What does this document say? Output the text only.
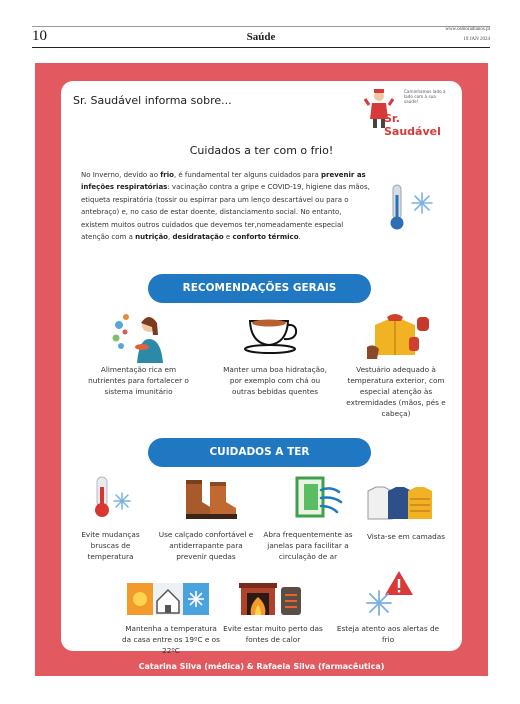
10	Saúde
www.osmoradianos.pt
19 JAN 2024
Sr. Saudável informa sobre...
Caminhamos lado a lado com a sua saúde!
Sr. Saudável
Cuidados a ter com o frio!
No Inverno, devido ao frio, é fundamental ter alguns cuidados para prevenir as infeções respiratórias: vacinação contra a gripe e COVID-19, higiene das mãos, etiqueta respiratória (tossir ou espirrar para um lenço descartável ou para o antebraço) e, no caso de estar doente, distanciamento social. No entanto, existem muitos outros cuidados que devemos ter,nomeadamente especial atenção com a nutrição, desidratação e conforto térmico.
RECOMENDAÇÕES GERAIS
Alimentação rica em nutrientes para fortalecer o sistema imunitário
Manter uma boa hidratação, por exemplo com chá ou outras bebidas quentes
Vestuário adequado à temperatura exterior, com especial atenção às extremidades (mãos, pés e cabeça)
CUIDADOS A TER
Evite mudanças bruscas de temperatura
Use calçado confortável e antiderrapante para prevenir quedas
Abra frequentemente as janelas para facilitar a circulação de ar
Vista-se em camadas
Mantenha a temperatura da casa entre os 19ºC e os 22ºC
Evite estar muito perto das fontes de calor
Esteja atento aos alertas de frio
Catarina Silva (médica) & Rafaela Silva (farmacêutica)
